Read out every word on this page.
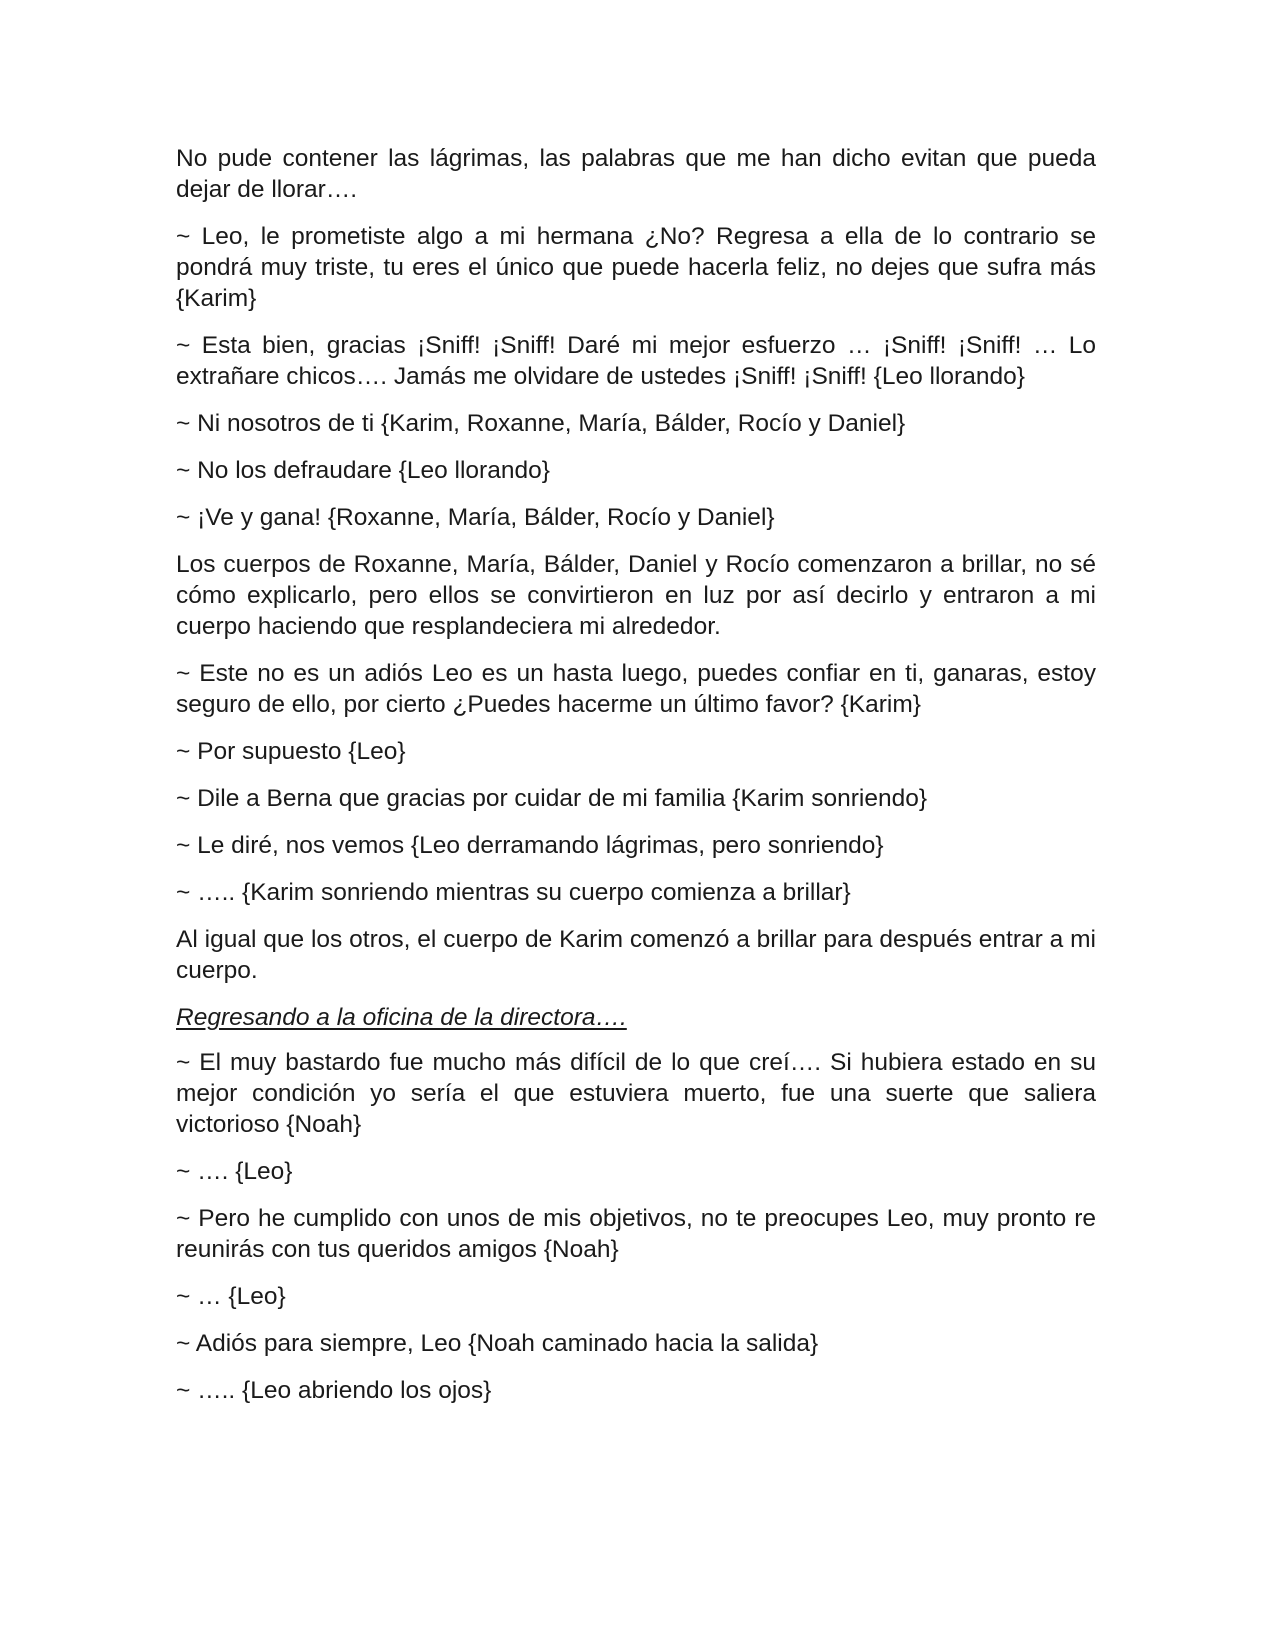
No pude contener las lágrimas, las palabras que me han dicho evitan que pueda dejar de llorar….

~ Leo, le prometiste algo a mi hermana ¿No? Regresa a ella de lo contrario se pondrá muy triste, tu eres el único que puede hacerla feliz, no dejes que sufra más {Karim}

~ Esta bien, gracias ¡Sniff! ¡Sniff! Daré mi mejor esfuerzo … ¡Sniff! ¡Sniff! … Lo extrañare chicos…. Jamás me olvidare de ustedes ¡Sniff! ¡Sniff! {Leo llorando}

~ Ni nosotros de ti {Karim, Roxanne, María, Bálder, Rocío y Daniel}

~ No los defraudare {Leo llorando}

~ ¡Ve y gana! {Roxanne, María, Bálder, Rocío y Daniel}

Los cuerpos de Roxanne, María, Bálder, Daniel y Rocío comenzaron a brillar, no sé cómo explicarlo, pero ellos se convirtieron en luz por así decirlo y entraron a mi cuerpo haciendo que resplandeciera mi alrededor.

~ Este no es un adiós Leo es un hasta luego, puedes confiar en ti, ganaras, estoy seguro de ello, por cierto ¿Puedes hacerme un último favor? {Karim}

~ Por supuesto {Leo}

~ Dile a Berna que gracias por cuidar de mi familia {Karim sonriendo}

~ Le diré, nos vemos {Leo derramando lágrimas, pero sonriendo}

~ ….. {Karim sonriendo mientras su cuerpo comienza a brillar}

Al igual que los otros, el cuerpo de Karim comenzó a brillar para después entrar a mi cuerpo.

Regresando a la oficina de la directora….

~ El muy bastardo fue mucho más difícil de lo que creí…. Si hubiera estado en su mejor condición yo sería el que estuviera muerto, fue una suerte que saliera victorioso {Noah}

~ …. {Leo}

~ Pero he cumplido con unos de mis objetivos, no te preocupes Leo, muy pronto re reunirás con tus queridos amigos {Noah}

~ … {Leo}

~ Adiós para siempre, Leo {Noah caminado hacia la salida}

~ ….. {Leo abriendo los ojos}
